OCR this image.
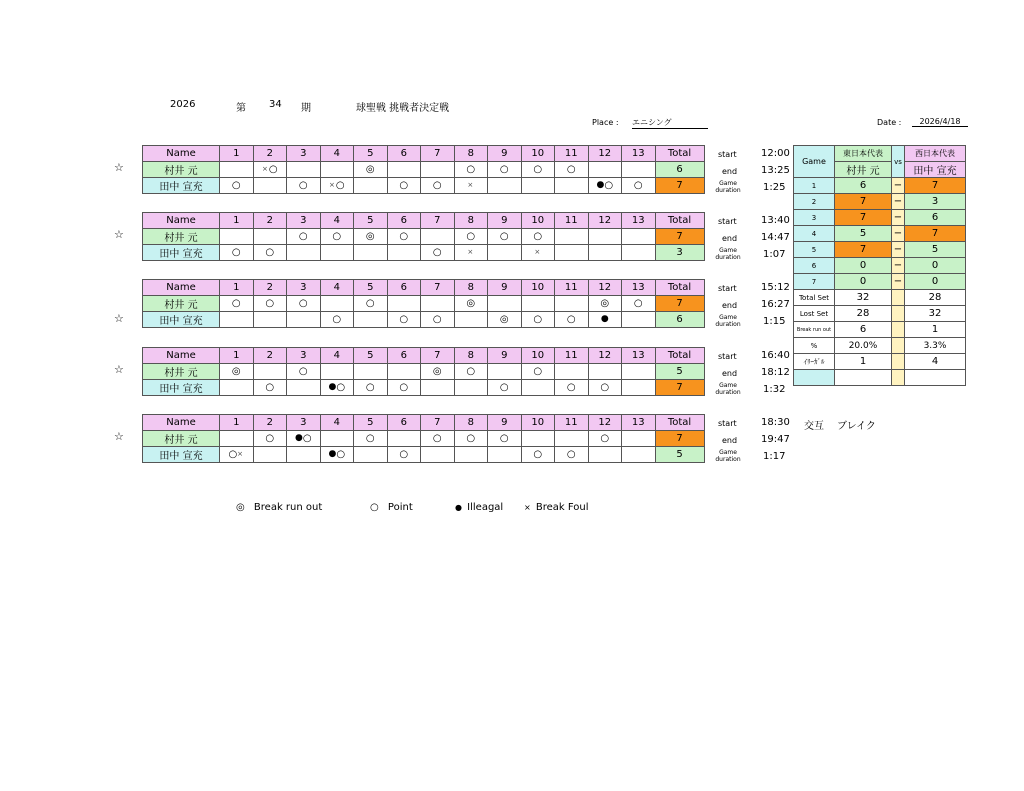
2026	第 34 期	球聖戦 挑戦者決定戦
Place : エニシング	Date :	2026/4/18
Name	1	2	3	4	5	6	7	8	9	10	11	12	13	Total
村井 元		×○			◎			○	○	○	○			6
田中 宣充	○		○	×○		○	○	×				●○	○	7
☆
start 12:00
end 13:25
Game
duration 1:25
Name	1	2	3	4	5	6	7	8	9	10	11	12	13	Total
村井 元			○	○	◎	○		○	○	○				7
田中 宣充	○	○					○	×		×				3
☆
start 13:40
end 14:47
Game
duration 1:07
Name	1	2	3	4	5	6	7	8	9	10	11	12	13	Total
村井 元	○	○	○		○			◎				◎	○	7
田中 宣充				○		○	○		◎	○	○	●		6
☆
start 15:12
end 16:27
Game
duration 1:15
Name	1	2	3	4	5	6	7	8	9	10	11	12	13	Total
村井 元	◎		○				◎	○		○				5
田中 宣充		○		●○	○	○			○		○	○		7
☆
start 16:40
end 18:12
Game
duration 1:32
Name	1	2	3	4	5	6	7	8	9	10	11	12	13	Total
村井 元		○	●○		○		○	○	○			○		7
田中 宣充	○×			●○		○				○	○			5
☆
start 18:30
end 19:47
Game
duration 1:17
Game	東日本代表	vs	西日本代表
	村井 元		田中 宣充
1	6	−	7
2	7	−	3
3	7	−	6
4	5	−	7
5	7	−	5
6	0	−	0
7	0	−	0
Total Set	32		28
Lost Set	28		32
Break run out	6		1
%	20.0%		3.3%
ｲﾘｰｶﾞﾙ	1		4

交互 ブレイク
◎ Break run out	○ Point	● Illeagal	× Break Foul
